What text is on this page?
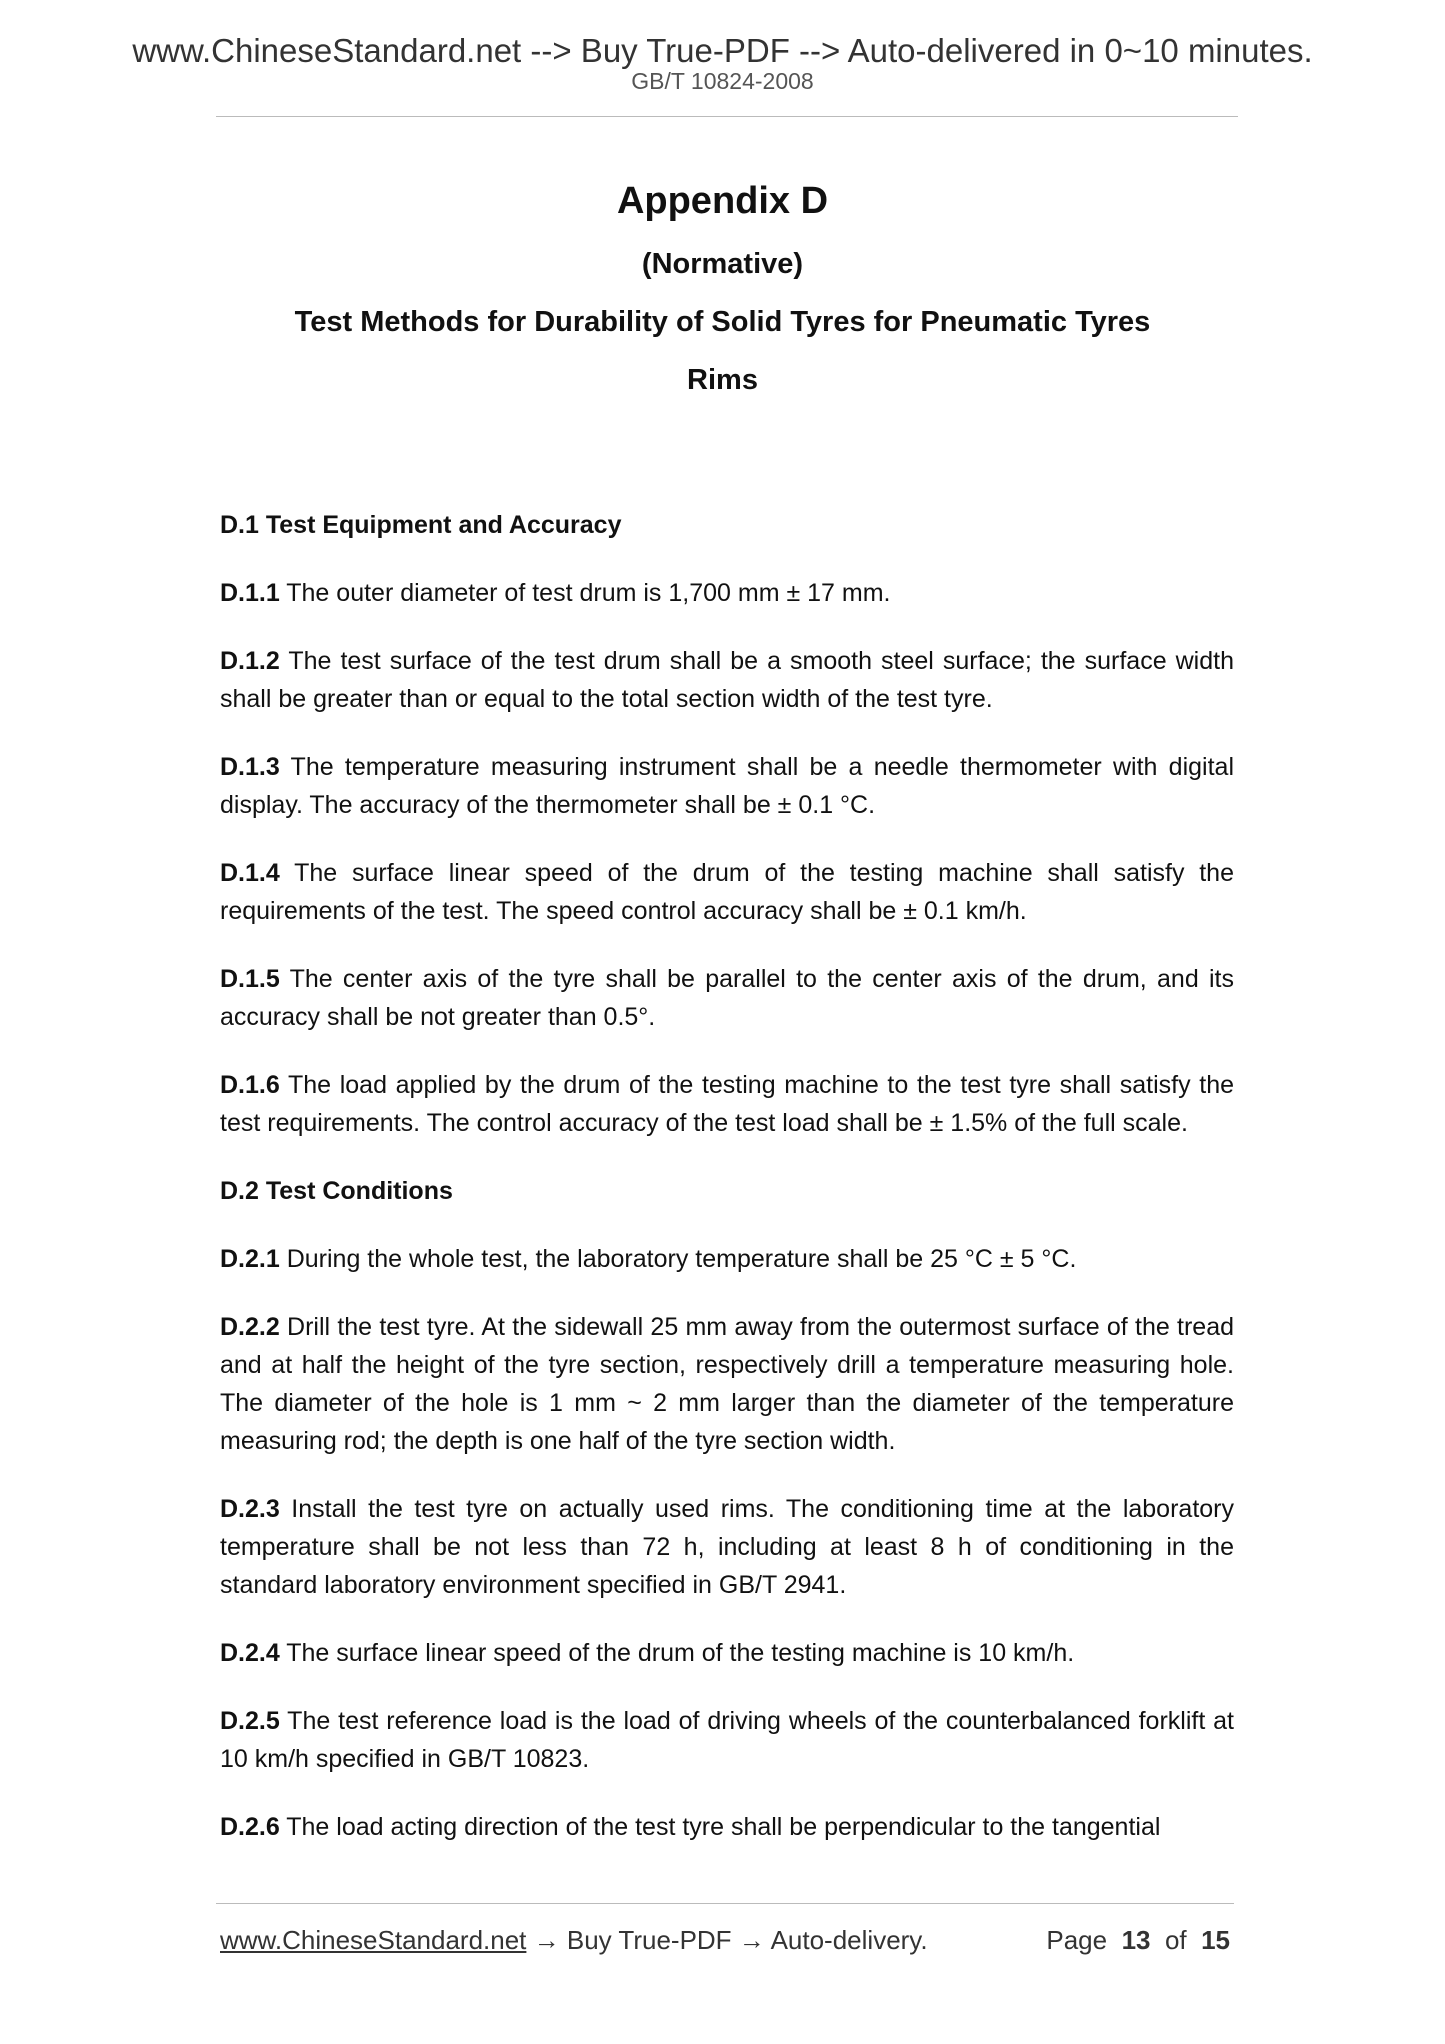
www.ChineseStandard.net --> Buy True-PDF --> Auto-delivered in 0~10 minutes.
GB/T 10824-2008
Appendix D
(Normative)
Test Methods for Durability of Solid Tyres for Pneumatic Tyres
Rims
D.1 Test Equipment and Accuracy

D.1.1 The outer diameter of test drum is 1,700 mm ± 17 mm.

D.1.2 The test surface of the test drum shall be a smooth steel surface; the surface width shall be greater than or equal to the total section width of the test tyre.

D.1.3 The temperature measuring instrument shall be a needle thermometer with digital display. The accuracy of the thermometer shall be ± 0.1 °C.

D.1.4 The surface linear speed of the drum of the testing machine shall satisfy the requirements of the test. The speed control accuracy shall be ± 0.1 km/h.

D.1.5 The center axis of the tyre shall be parallel to the center axis of the drum, and its accuracy shall be not greater than 0.5°.

D.1.6 The load applied by the drum of the testing machine to the test tyre shall satisfy the test requirements. The control accuracy of the test load shall be ± 1.5% of the full scale.

D.2 Test Conditions

D.2.1 During the whole test, the laboratory temperature shall be 25 °C ± 5 °C.

D.2.2 Drill the test tyre. At the sidewall 25 mm away from the outermost surface of the tread and at half the height of the tyre section, respectively drill a temperature measuring hole. The diameter of the hole is 1 mm ~ 2 mm larger than the diameter of the temperature measuring rod; the depth is one half of the tyre section width.

D.2.3 Install the test tyre on actually used rims. The conditioning time at the laboratory temperature shall be not less than 72 h, including at least 8 h of conditioning in the standard laboratory environment specified in GB/T 2941.

D.2.4 The surface linear speed of the drum of the testing machine is 10 km/h.

D.2.5 The test reference load is the load of driving wheels of the counterbalanced forklift at 10 km/h specified in GB/T 10823.

D.2.6 The load acting direction of the test tyre shall be perpendicular to the tangential

www.ChineseStandard.net → Buy True-PDF → Auto-delivery.	Page 13 of 15
